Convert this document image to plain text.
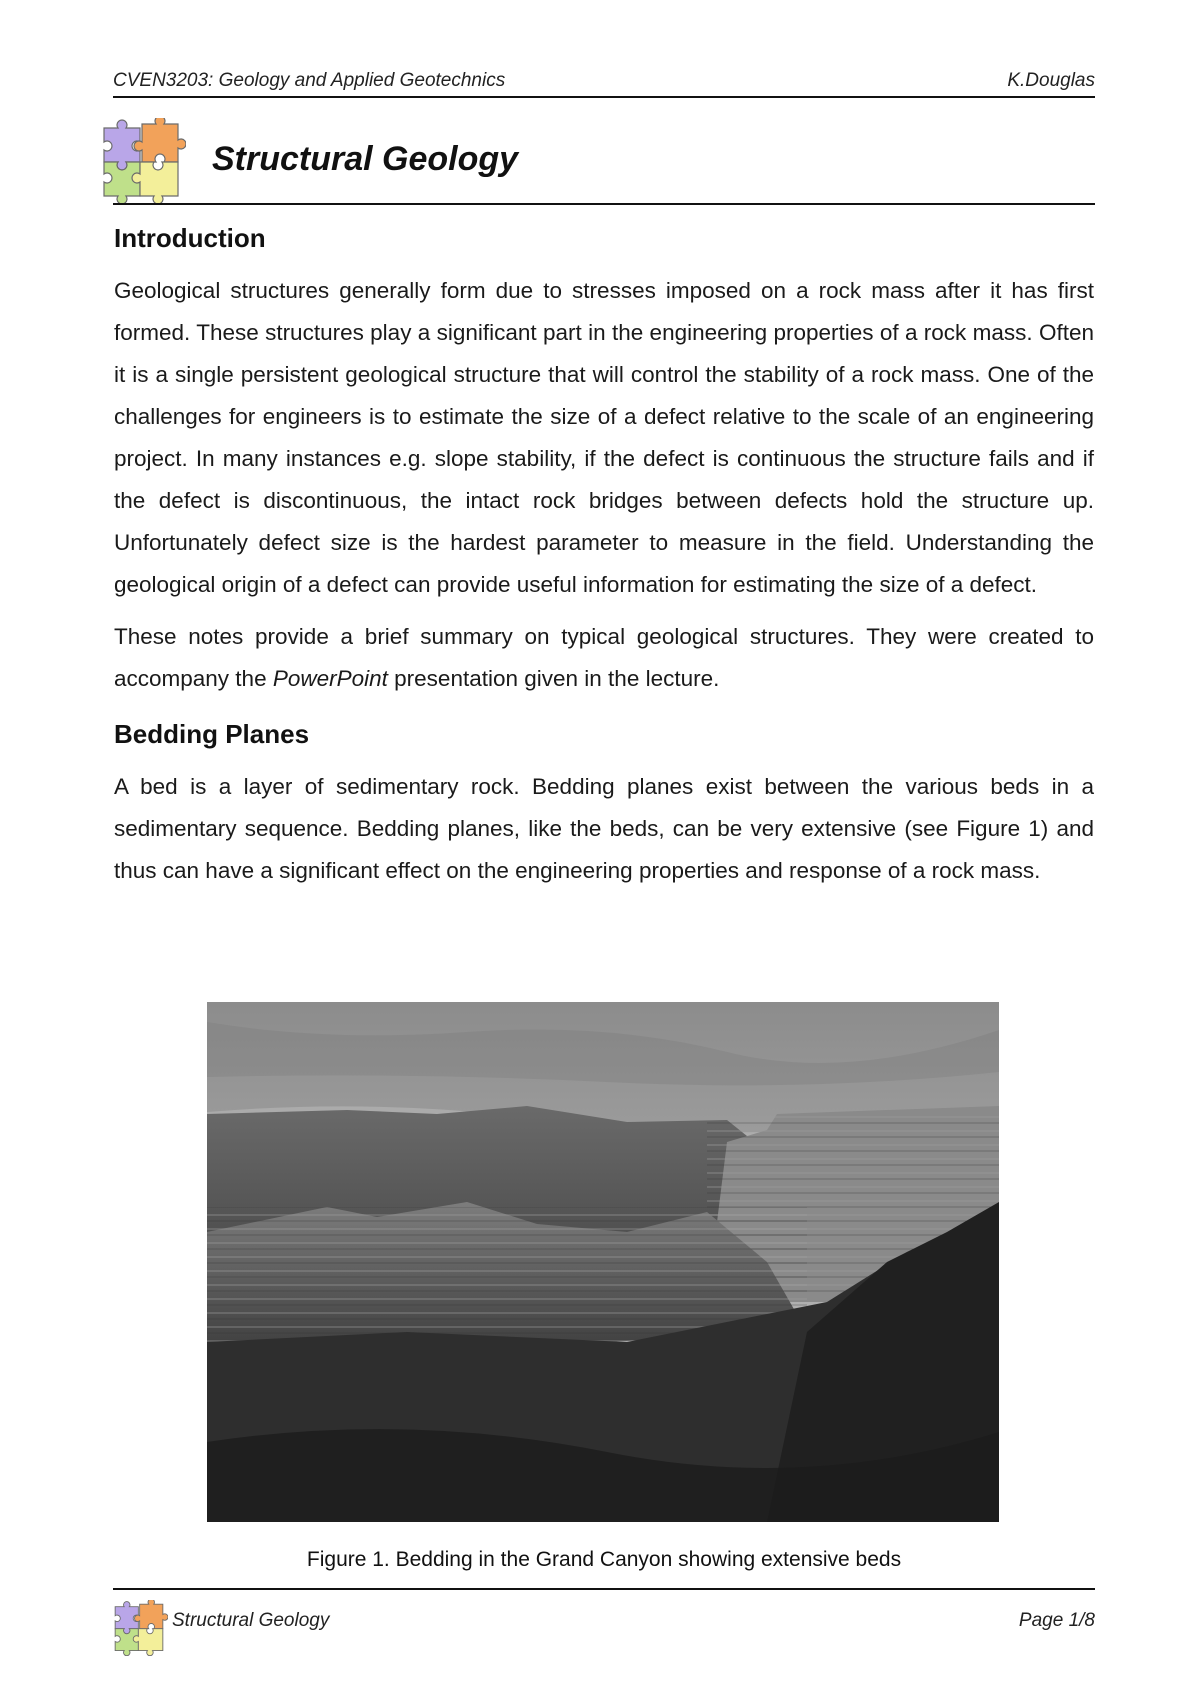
CVEN3203: Geology and Applied Geotechnics	K.Douglas
Structural Geology
Introduction

Geological structures generally form due to stresses imposed on a rock mass after it has first formed. These structures play a significant part in the engineering properties of a rock mass. Often it is a single persistent geological structure that will control the stability of a rock mass. One of the challenges for engineers is to estimate the size of a defect relative to the scale of an engineering project. In many instances e.g. slope stability, if the defect is continuous the structure fails and if the defect is discontinuous, the intact rock bridges between defects hold the structure up. Unfortunately defect size is the hardest parameter to measure in the field. Understanding the geological origin of a defect can provide useful information for estimating the size of a defect.

These notes provide a brief summary on typical geological structures. They were created to accompany the PowerPoint presentation given in the lecture.

Bedding Planes

A bed is a layer of sedimentary rock. Bedding planes exist between the various beds in a sedimentary sequence. Bedding planes, like the beds, can be very extensive (see Figure 1) and thus can have a significant effect on the engineering properties and response of a rock mass.

Figure 1. Bedding in the Grand Canyon showing extensive beds
Structural Geology	Page 1/8
